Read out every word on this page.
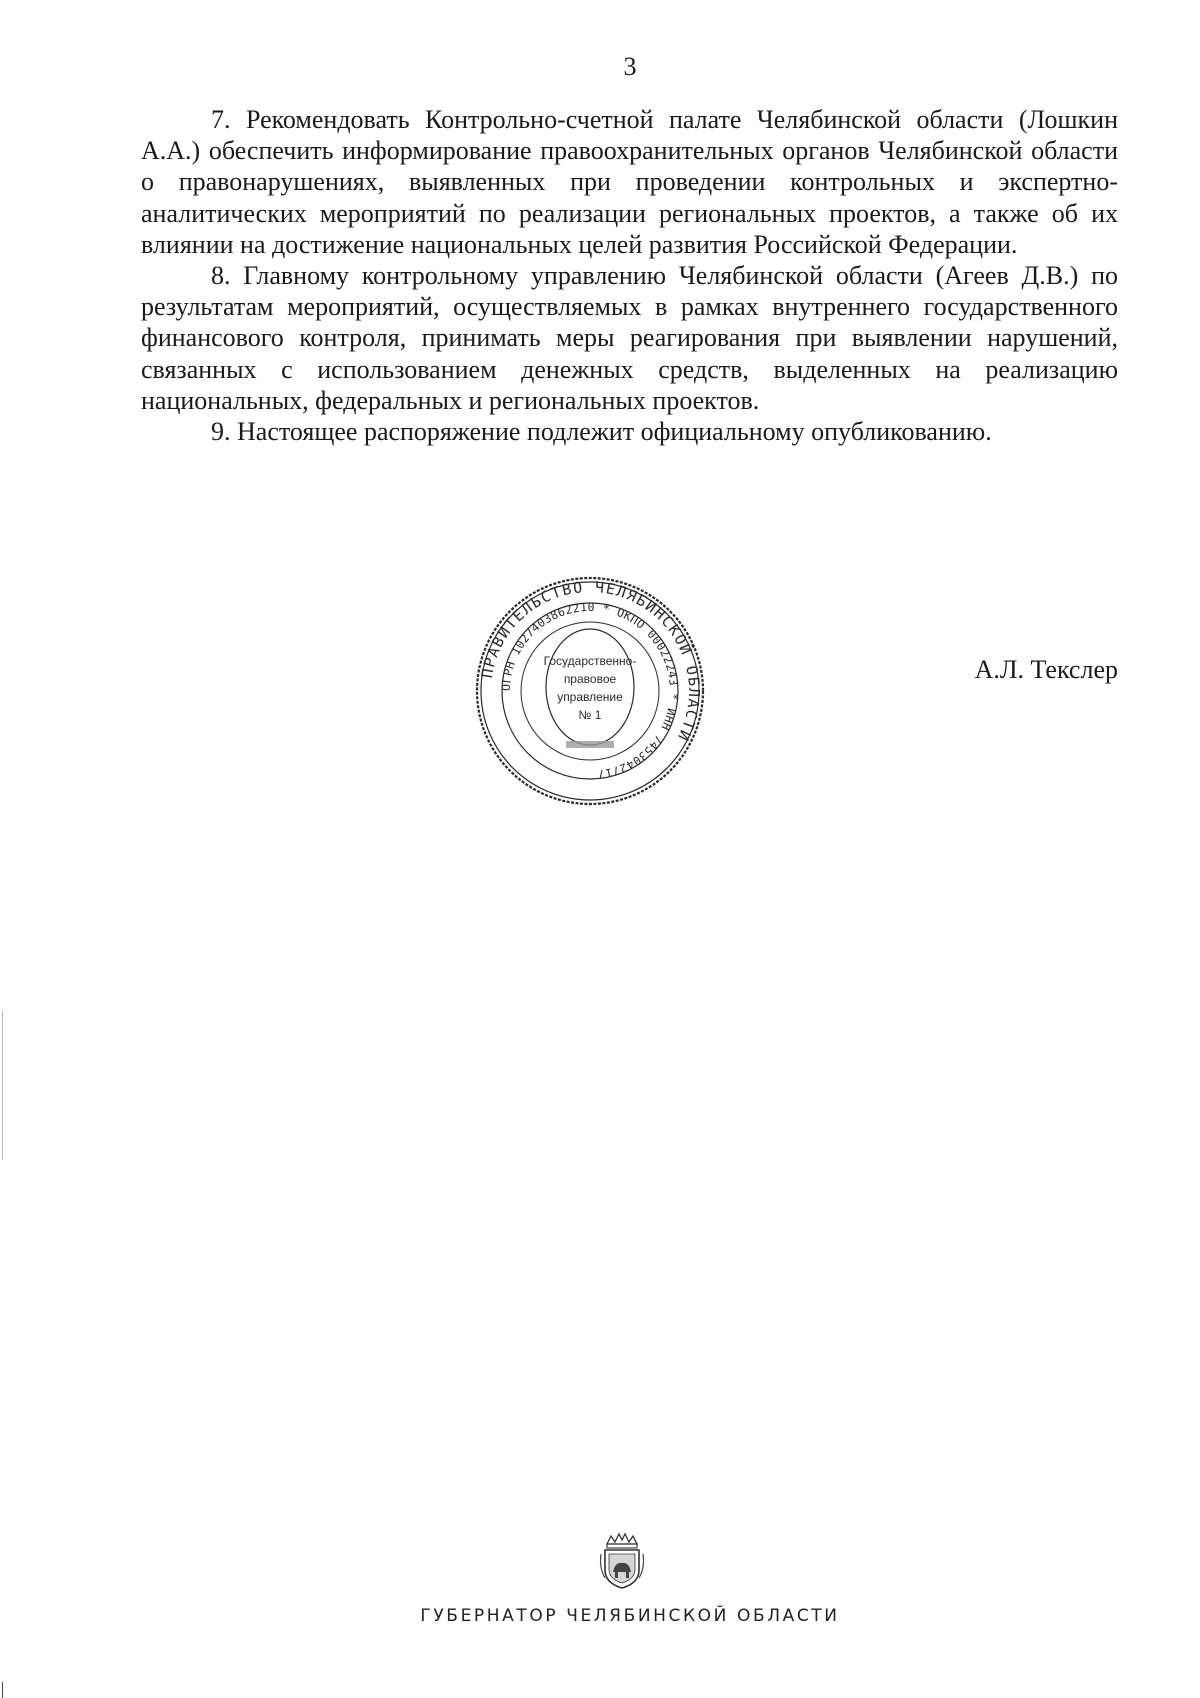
3

7. Рекомендовать Контрольно-счетной палате Челябинской области (Лошкин А.А.) обеспечить информирование правоохранительных органов Челябинской области о правонарушениях, выявленных при проведении контрольных и экспертно-аналитических мероприятий по реализации региональных проектов, а также об их влиянии на достижение национальных целей развития Российской Федерации.

8. Главному контрольному управлению Челябинской области (Агеев Д.В.) по результатам мероприятий, осуществляемых в рамках внутреннего государственного финансового контроля, принимать меры реагирования при выявлении нарушений, связанных с использованием денежных средств, выделенных на реализацию национальных, федеральных и региональных проектов.

9. Настоящее распоряжение подлежит официальному опубликованию.

ПРАВИТЕЛЬСТВО ЧЕЛЯБИНСКОЙ ОБЛАСТИ
ОГРН 1027403862210 * ОКПО 00022243 * ИНН 7453042717
Государственно-
правовое
управление
№ 1
А.Л. Текслер
ГУБЕРНАТОР ЧЕЛЯБИНСКОЙ ОБЛАСТИ
